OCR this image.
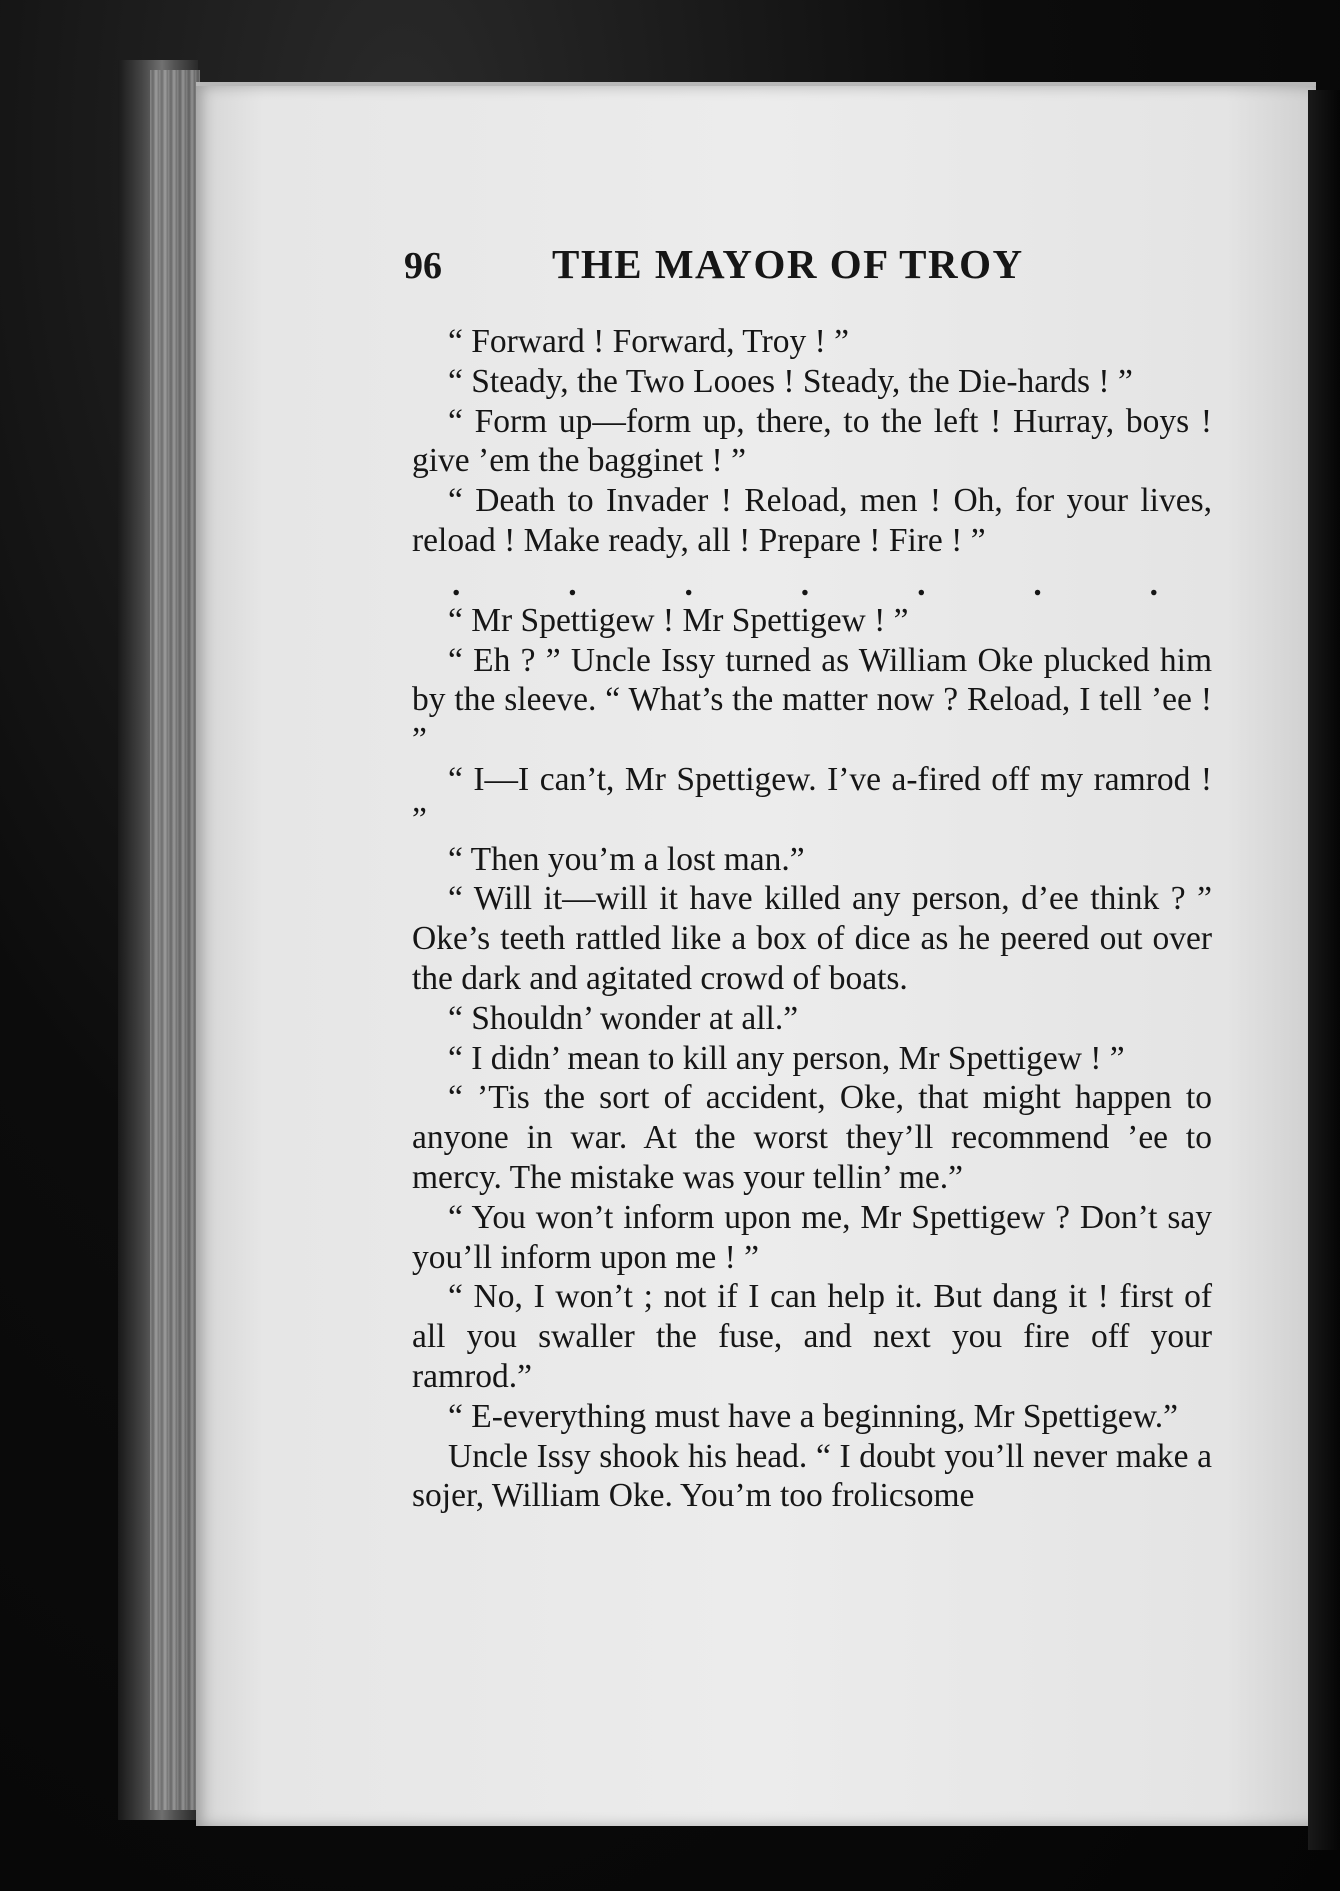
96	THE MAYOR OF TROY

“ Forward ! Forward, Troy ! ”

“ Steady, the Two Looes ! Steady, the Die-hards ! ”

“ Form up—form up, there, to the left ! Hurray, boys ! give ’em the bagginet ! ”

“ Death to Invader ! Reload, men ! Oh, for your lives, reload ! Make ready, all ! Prepare ! Fire ! ”

.	.	.	.	.	.	.

“ Mr Spettigew ! Mr Spettigew ! ”

“ Eh ? ” Uncle Issy turned as William Oke plucked him by the sleeve. “ What’s the matter now ? Reload, I tell ’ee ! ”

“ I—I can’t, Mr Spettigew. I’ve a-fired off my ramrod ! ”

“ Then you’m a lost man.”

“ Will it—will it have killed any person, d’ee think ? ” Oke’s teeth rattled like a box of dice as he peered out over the dark and agitated crowd of boats.

“ Shouldn’ wonder at all.”

“ I didn’ mean to kill any person, Mr Spettigew ! ”

“ ’Tis the sort of accident, Oke, that might happen to anyone in war. At the worst they’ll recommend ’ee to mercy. The mistake was your tellin’ me.”

“ You won’t inform upon me, Mr Spettigew ? Don’t say you’ll inform upon me ! ”

“ No, I won’t ; not if I can help it. But dang it ! first of all you swaller the fuse, and next you fire off your ramrod.”

“ E-everything must have a beginning, Mr Spettigew.”

Uncle Issy shook his head. “ I doubt you’ll never make a sojer, William Oke. You’m too frolicsome
